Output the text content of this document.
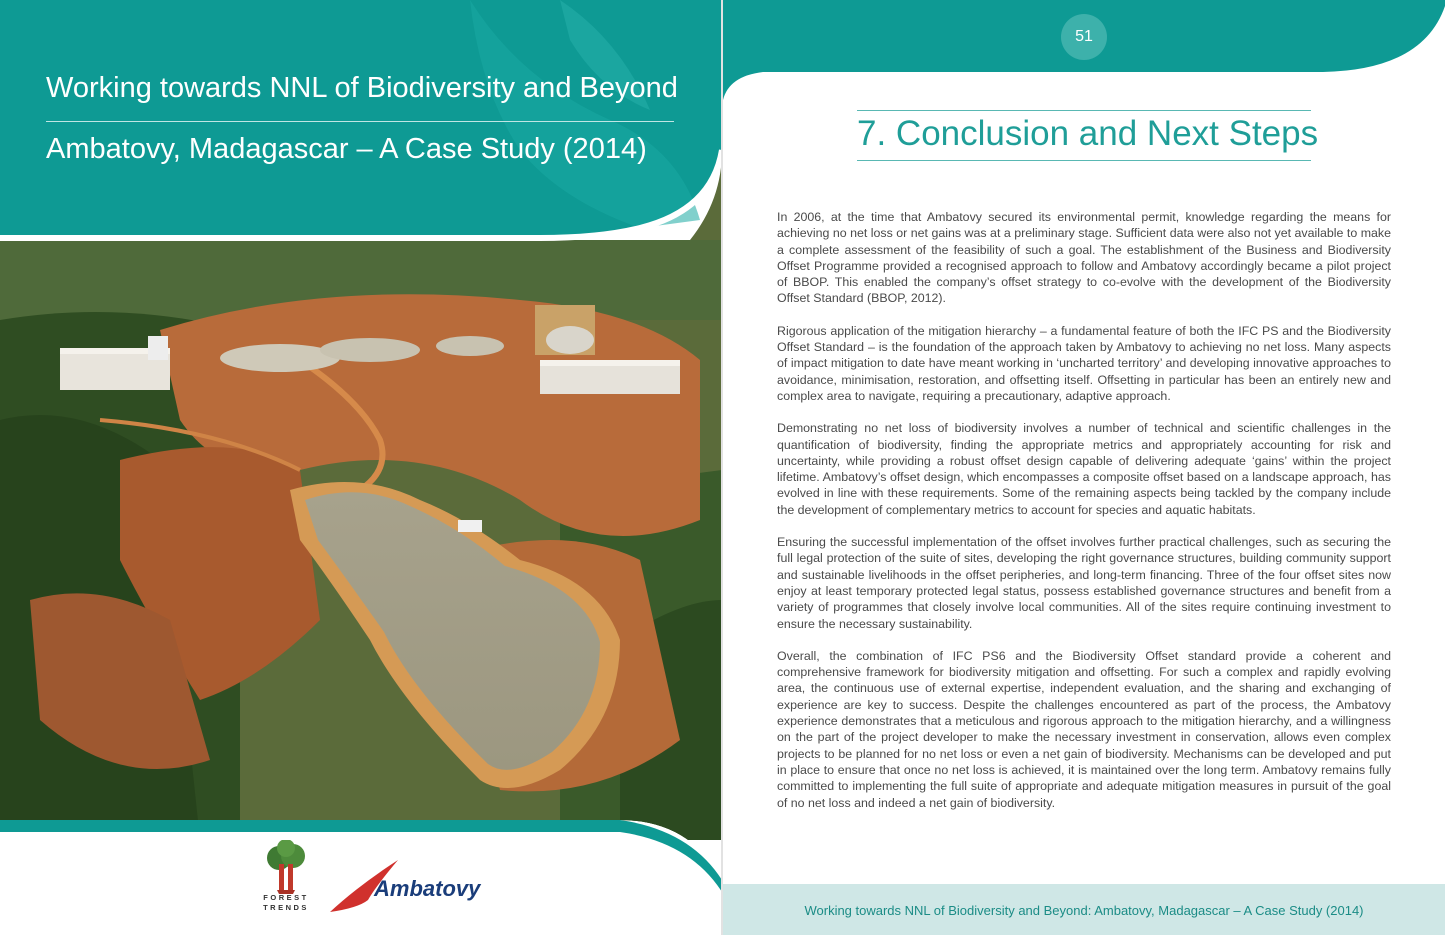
Working towards NNL of Biodiversity and Beyond
Ambatovy, Madagascar – A Case Study (2014)
FOREST
TRENDS
Ambatovy
51
7. Conclusion and Next Steps

In 2006, at the time that Ambatovy secured its environmental permit, knowledge regarding the means for achieving no net loss or net gains was at a preliminary stage. Sufficient data were also not yet available to make a complete assessment of the feasibility of such a goal. The establishment of the Business and Biodiversity Offset Programme provided a recognised approach to follow and Ambatovy accordingly became a pilot project of BBOP. This enabled the company’s offset strategy to co-evolve with the development of the Biodiversity Offset Standard (BBOP, 2012).

Rigorous application of the mitigation hierarchy – a fundamental feature of both the IFC PS and the Biodiversity Offset Standard – is the foundation of the approach taken by Ambatovy to achieving no net loss. Many aspects of impact mitigation to date have meant working in ‘uncharted territory’ and developing innovative approaches to avoidance, minimisation, restoration, and offsetting itself. Offsetting in particular has been an entirely new and complex area to navigate, requiring a precautionary, adaptive approach.

Demonstrating no net loss of biodiversity involves a number of technical and scientific challenges in the quantification of biodiversity, finding the appropriate metrics and appropriately accounting for risk and uncertainty, while providing a robust offset design capable of delivering adequate ‘gains’ within the project lifetime. Ambatovy’s offset design, which encompasses a composite offset based on a landscape approach, has evolved in line with these requirements. Some of the remaining aspects being tackled by the company include the development of complementary metrics to account for species and aquatic habitats.

Ensuring the successful implementation of the offset involves further practical challenges, such as securing the full legal protection of the suite of sites, developing the right governance structures, building community support and sustainable livelihoods in the offset peripheries, and long-term financing. Three of the four offset sites now enjoy at least temporary protected legal status, possess established governance structures and benefit from a variety of programmes that closely involve local communities. All of the sites require continuing investment to ensure the necessary sustainability.

Overall, the combination of IFC PS6 and the Biodiversity Offset standard provide a coherent and comprehensive framework for biodiversity mitigation and offsetting. For such a complex and rapidly evolving area, the continuous use of external expertise, independent evaluation, and the sharing and exchanging of experience are key to success. Despite the challenges encountered as part of the process, the Ambatovy experience demonstrates that a meticulous and rigorous approach to the mitigation hierarchy, and a willingness on the part of the project developer to make the necessary investment in conservation, allows even complex projects to be planned for no net loss or even a net gain of biodiversity. Mechanisms can be developed and put in place to ensure that once no net loss is achieved, it is maintained over the long term. Ambatovy remains fully committed to implementing the full suite of appropriate and adequate mitigation measures in pursuit of the goal of no net loss and indeed a net gain of biodiversity.

Working towards NNL of Biodiversity and Beyond: Ambatovy, Madagascar – A Case Study (2014)
